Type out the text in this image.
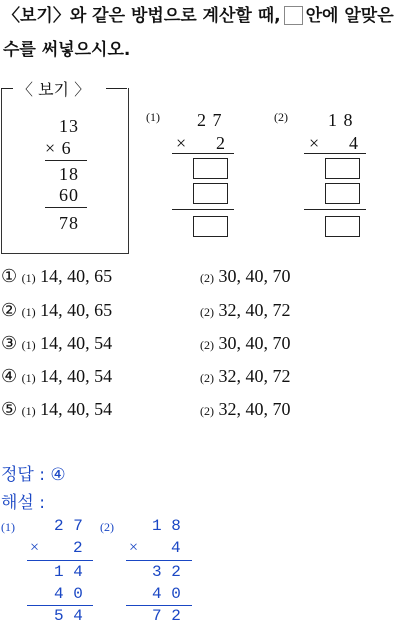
〈보기〉와 같은 방법으로 계산할 때, 안에 알맞은
수를 써넣으시오.
〈 보기 〉
13
× 6
18
60
78
(1) 2 7
× 2
(2) 1 8
× 4
① (1) 14, 40, 65	(2) 30, 40, 70
② (1) 14, 40, 65	(2) 32, 40, 72
③ (1) 14, 40, 54	(2) 30, 40, 70
④ (1) 14, 40, 54	(2) 32, 40, 72
⑤ (1) 14, 40, 54	(2) 32, 40, 70
정답 : ④
해설 :
(1) 2 7
× 2
1 4
4 0
5 4
(2) 1 8
× 4
3 2
4 0
7 2
